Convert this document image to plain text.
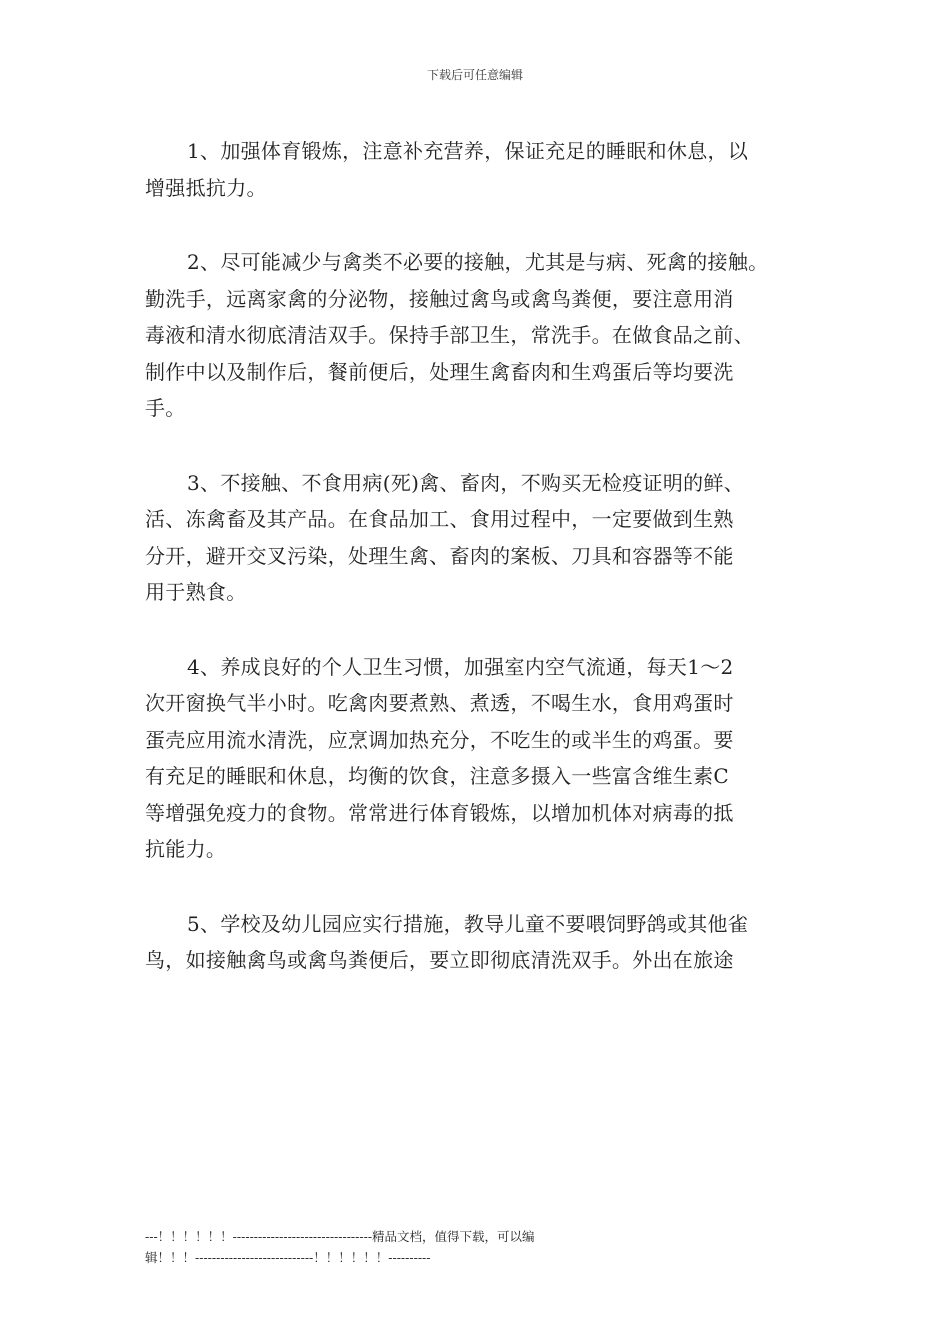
下载后可任意编辑
1、加强体育锻炼，注意补充营养，保证充足的睡眠和休息，以
增强抵抗力。
2、尽可能减少与禽类不必要的接触，尤其是与病、死禽的接触。
勤洗手，远离家禽的分泌物，接触过禽鸟或禽鸟粪便，要注意用消
毒液和清水彻底清洁双手。保持手部卫生，常洗手。在做食品之前、
制作中以及制作后，餐前便后，处理生禽畜肉和生鸡蛋后等均要洗
手。
3、不接触、不食用病(死)禽、畜肉，不购买无检疫证明的鲜、
活、冻禽畜及其产品。在食品加工、食用过程中，一定要做到生熟
分开，避开交叉污染，处理生禽、畜肉的案板、刀具和容器等不能
用于熟食。
4、养成良好的个人卫生习惯，加强室内空气流通，每天1～2
次开窗换气半小时。吃禽肉要煮熟、煮透，不喝生水，食用鸡蛋时
蛋壳应用流水清洗，应烹调加热充分，不吃生的或半生的鸡蛋。要
有充足的睡眠和休息，均衡的饮食，注意多摄入一些富含维生素C
等增强免疫力的食物。常常进行体育锻炼，以增加机体对病毒的抵
抗能力。
5、学校及幼儿园应实行措施，教导儿童不要喂饲野鸽或其他雀
鸟，如接触禽鸟或禽鸟粪便后，要立即彻底清洗双手。外出在旅途
---！！！！！！---------------------------------精品文档，值得下载，可以编
辑！！！----------------------------！！！！！！----------
